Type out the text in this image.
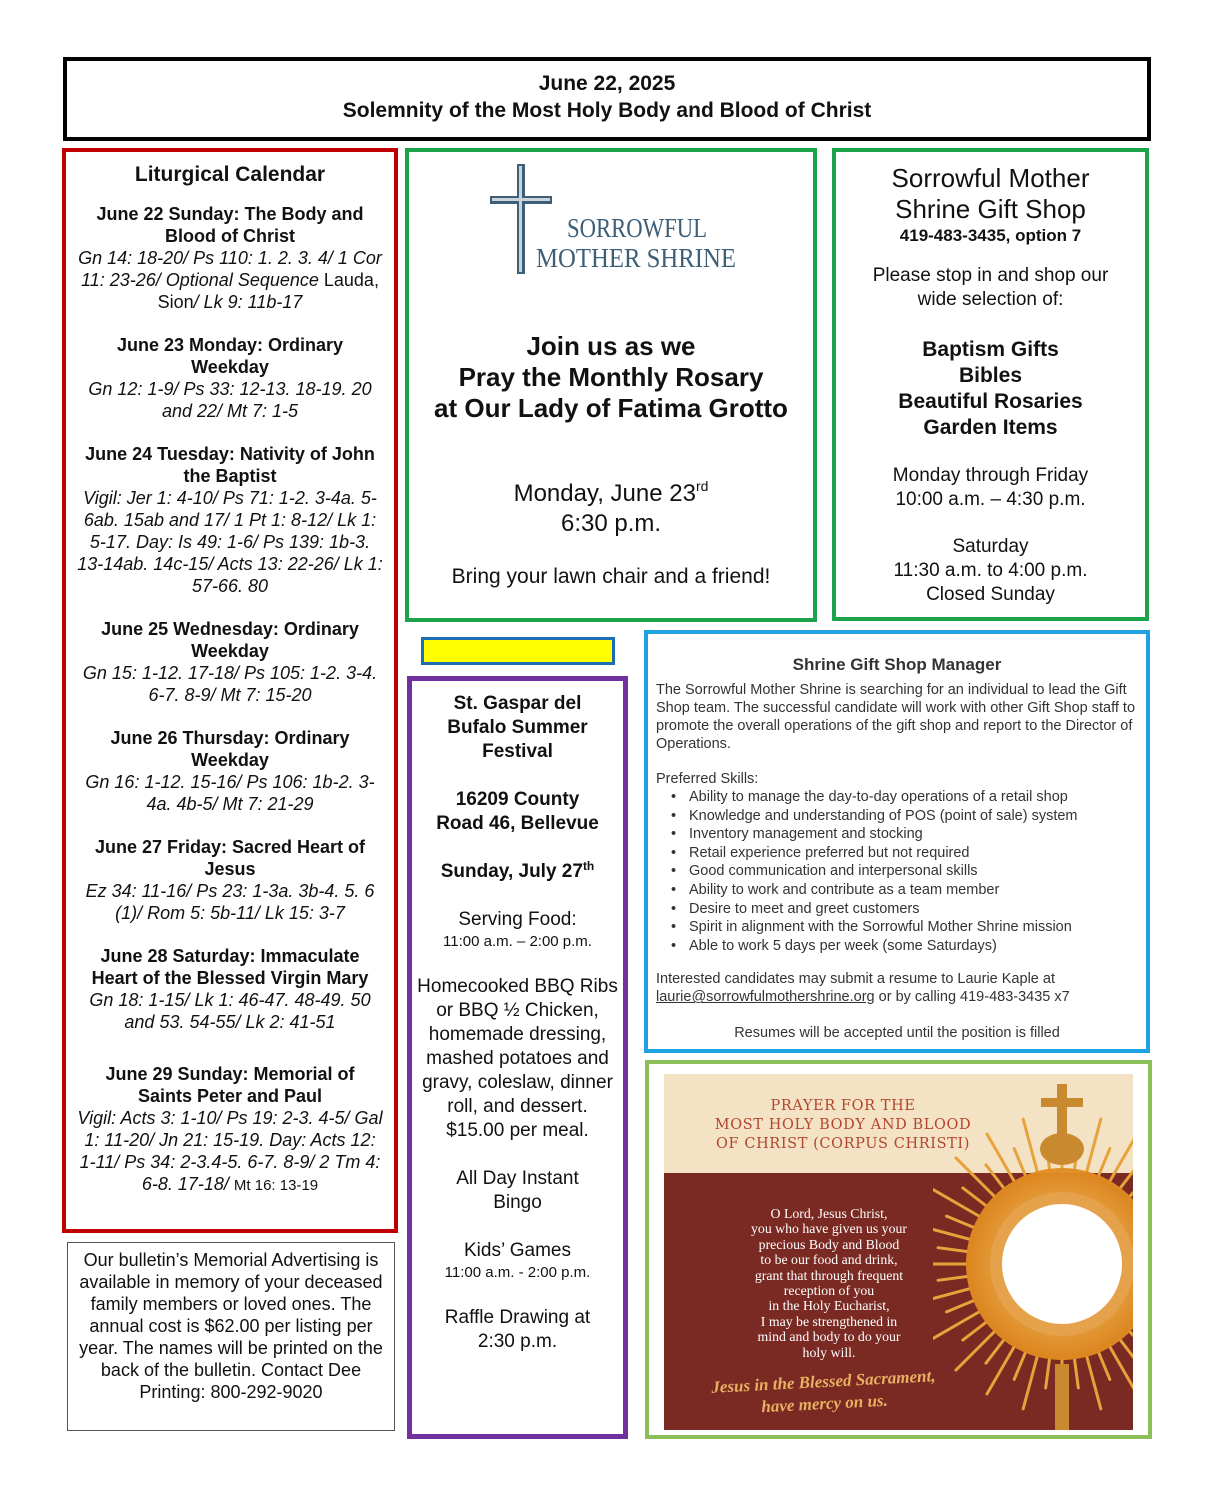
June 22, 2025
Solemnity of the Most Holy Body and Blood of Christ
Liturgical Calendar
June 22 Sunday: The Body and Blood of Christ
Gn 14: 18-20/ Ps 110: 1. 2. 3. 4/ 1 Cor 11: 23-26/ Optional Sequence Lauda, Sion/ Lk 9: 11b-17
June 23 Monday: Ordinary Weekday
Gn 12: 1-9/ Ps 33: 12-13. 18-19. 20 and 22/ Mt 7: 1-5
June 24 Tuesday: Nativity of John the Baptist
Vigil: Jer 1: 4-10/ Ps 71: 1-2. 3-4a. 5-6ab. 15ab and 17/ 1 Pt 1: 8-12/ Lk 1: 5-17. Day: Is 49: 1-6/ Ps 139: 1b-3. 13-14ab. 14c-15/ Acts 13: 22-26/ Lk 1: 57-66. 80
June 25 Wednesday: Ordinary Weekday
Gn 15: 1-12. 17-18/ Ps 105: 1-2. 3-4. 6-7. 8-9/ Mt 7: 15-20
June 26 Thursday: Ordinary Weekday
Gn 16: 1-12. 15-16/ Ps 106: 1b-2. 3-4a. 4b-5/ Mt 7: 21-29
June 27 Friday: Sacred Heart of Jesus
Ez 34: 11-16/ Ps 23: 1-3a. 3b-4. 5. 6 (1)/ Rom 5: 5b-11/ Lk 15: 3-7
June 28 Saturday: Immaculate Heart of the Blessed Virgin Mary
Gn 18: 1-15/ Lk 1: 46-47. 48-49. 50 and 53. 54-55/ Lk 2: 41-51
June 29 Sunday: Memorial of Saints Peter and Paul
Vigil: Acts 3: 1-10/ Ps 19: 2-3. 4-5/ Gal 1: 11-20/ Jn 21: 15-19. Day: Acts 12: 1-11/ Ps 34: 2-3.4-5. 6-7. 8-9/ 2 Tm 4: 6-8. 17-18/ Mt 16: 13-19
Our bulletin’s Memorial Advertising is available in memory of your deceased family members or loved ones. The annual cost is $62.00 per listing per year. The names will be printed on the back of the bulletin. Contact Dee Printing: 800-292-9020
SORROWFUL
MOTHER SHRINE
Join us as we
Pray the Monthly Rosary
at Our Lady of Fatima Grotto
Monday, June 23rd
6:30 p.m.
Bring your lawn chair and a friend!
Sorrowful Mother
Shrine Gift Shop
419-483-3435, option 7
Please stop in and shop our
wide selection of:
Baptism Gifts
Bibles
Beautiful Rosaries
Garden Items
Monday through Friday
10:00 a.m. – 4:30 p.m.
Saturday
11:30 a.m. to 4:00 p.m.
Closed Sunday
St. Gaspar del
Bufalo Summer
Festival
16209 County
Road 46, Bellevue
Sunday, July 27th
Serving Food:
11:00 a.m. – 2:00 p.m.
Homecooked BBQ Ribs or BBQ ½ Chicken, homemade dressing, mashed potatoes and gravy, coleslaw, dinner roll, and dessert.
$15.00 per meal.
All Day Instant
Bingo
Kids’ Games
11:00 a.m. - 2:00 p.m.
Raffle Drawing at
2:30 p.m.
Shrine Gift Shop Manager
The Sorrowful Mother Shrine is searching for an individual to lead the Gift Shop team. The successful candidate will work with other Gift Shop staff to promote the overall operations of the gift shop and report to the Director of Operations.
Preferred Skills:
• Ability to manage the day-to-day operations of a retail shop
• Knowledge and understanding of POS (point of sale) system
• Inventory management and stocking
• Retail experience preferred but not required
• Good communication and interpersonal skills
• Ability to work and contribute as a team member
• Desire to meet and greet customers
• Spirit in alignment with the Sorrowful Mother Shrine mission
• Able to work 5 days per week (some Saturdays)
Interested candidates may submit a resume to Laurie Kaple at laurie@sorrowfulmothershrine.org or by calling 419-483-3435 x7
Resumes will be accepted until the position is filled
PRAYER FOR THE
MOST HOLY BODY AND BLOOD
OF CHRIST (CORPUS CHRISTI)
O Lord, Jesus Christ,
you who have given us your
precious Body and Blood
to be our food and drink,
grant that through frequent
reception of you
in the Holy Eucharist,
I may be strengthened in
mind and body to do your
holy will.
Jesus in the Blessed Sacrament,
have mercy on us.
